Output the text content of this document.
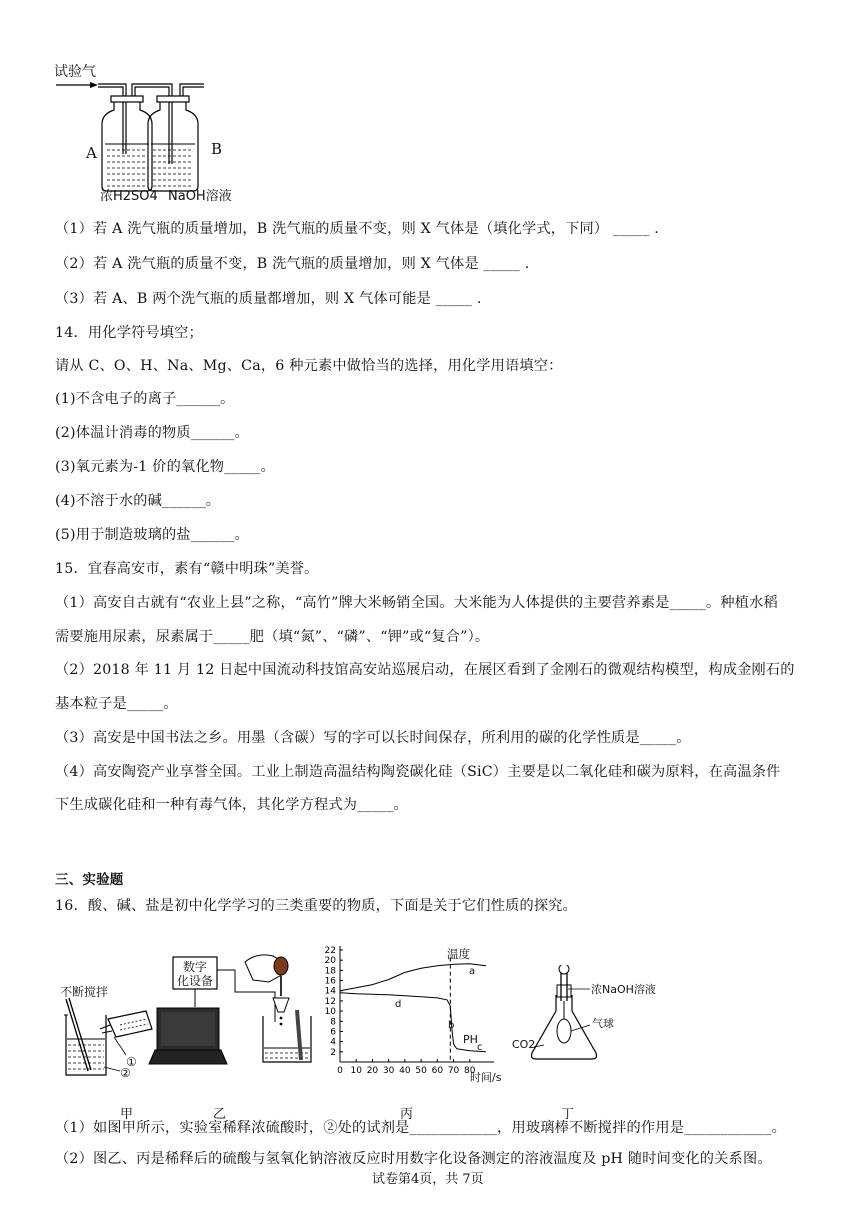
试验气
A	B
浓H2SO4 NaOH溶液
（1）若 A 洗气瓶的质量增加，B 洗气瓶的质量不变，则 X 气体是（填化学式，下同） _____ .
（2）若 A 洗气瓶的质量不变，B 洗气瓶的质量增加，则 X 气体是 _____ .
（3）若 A、B 两个洗气瓶的质量都增加，则 X 气体可能是 _____ .
14．用化学符号填空；
请从 C、O、H、Na、Mg、Ca，6 种元素中做恰当的选择，用化学用语填空：
(1)不含电子的离子______。
(2)体温计消毒的物质______。
(3)氧元素为-1 价的氧化物_____。
(4)不溶于水的碱______。
(5)用于制造玻璃的盐______。
15．宜春高安市，素有“赣中明珠”美誉。
（1）高安自古就有“农业上县”之称，“高竹”牌大米畅销全国。大米能为人体提供的主要营养素是_____。种植水稻
需要施用尿素，尿素属于_____肥（填“氮”、“磷”、“钾”或“复合”）。
（2）2018 年 11 月 12 日起中国流动科技馆高安站巡展启动，在展区看到了金刚石的微观结构模型，构成金刚石的
基本粒子是_____。
（3）高安是中国书法之乡。用墨（含碳）写的字可以长时间保存，所利用的碳的化学性质是_____。
（4）高安陶瓷产业享誉全国。工业上制造高温结构陶瓷碳化硅（SiC）主要是以二氧化硅和碳为原料，在高温条件
下生成碳化硅和一种有毒气体，其化学方程式为_____。
三、实验题
16．酸、碱、盐是初中化学学习的三类重要的物质，下面是关于它们性质的探究。
不断搅拌
①
②
甲
数字
化设备
乙
0 10 20 30 40 50 60 70 80
2
4
6
8
10
12
14
16
18
20
22
时间/s
温度
PH
a
b
c
d
丙
浓NaOH溶液
气球
CO2
丁
（1）如图甲所示，实验室稀释浓硫酸时，②处的试剂是____________，用玻璃棒不断搅拌的作用是____________。
（2）图乙、丙是稀释后的硫酸与氢氧化钠溶液反应时用数字化设备测定的溶液温度及 pH 随时间变化的关系图。
试卷第4页，共 7页
